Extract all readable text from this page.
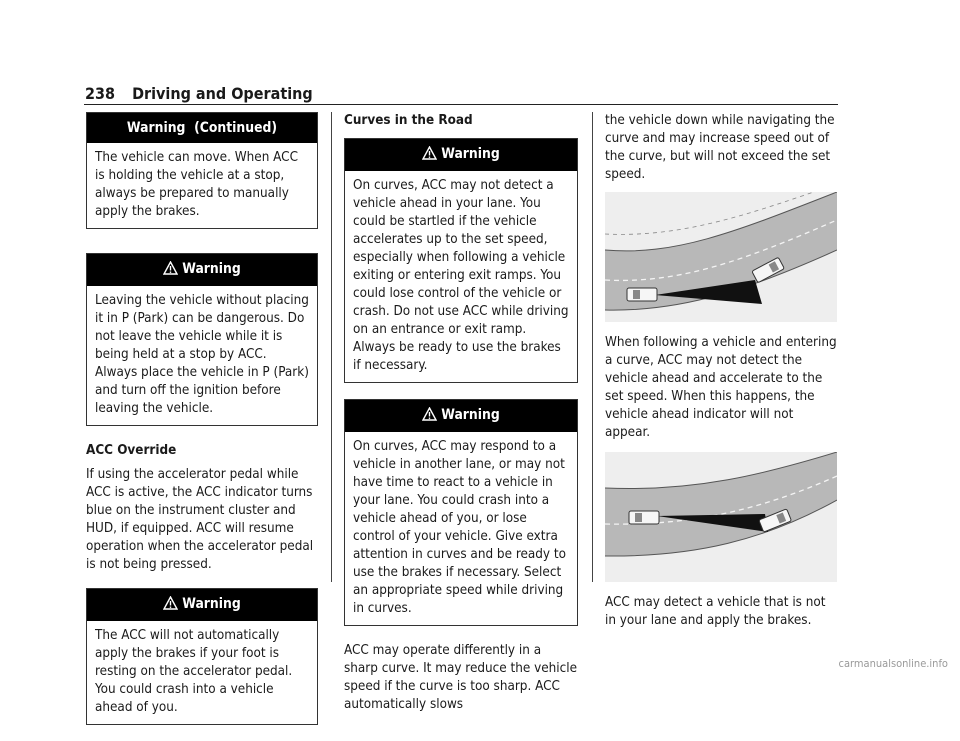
238 Driving and Operating
Warning  (Continued)
The vehicle can move. When ACC is holding the vehicle at a stop, always be prepared to manually apply the brakes.
Warning
Leaving the vehicle without placing it in P (Park) can be dangerous. Do not leave the vehicle while it is being held at a stop by ACC. Always place the vehicle in P (Park) and turn off the ignition before leaving the vehicle.
ACC Override

If using the accelerator pedal while ACC is active, the ACC indicator turns blue on the instrument cluster and HUD, if equipped. ACC will resume operation when the accelerator pedal is not being pressed.

Warning
The ACC will not automatically apply the brakes if your foot is resting on the accelerator pedal. You could crash into a vehicle ahead of you.
Curves in the Road
Warning
On curves, ACC may not detect a vehicle ahead in your lane. You could be startled if the vehicle accelerates up to the set speed, especially when following a vehicle exiting or entering exit ramps. You could lose control of the vehicle or crash. Do not use ACC while driving on an entrance or exit ramp. Always be ready to use the brakes if necessary.
Warning
On curves, ACC may respond to a vehicle in another lane, or may not have time to react to a vehicle in your lane. You could crash into a vehicle ahead of you, or lose control of your vehicle. Give extra attention in curves and be ready to use the brakes if necessary. Select an appropriate speed while driving in curves.

ACC may operate differently in a sharp curve. It may reduce the vehicle speed if the curve is too sharp. ACC automatically slows

the vehicle down while navigating the curve and may increase speed out of the curve, but will not exceed the set speed.

When following a vehicle and entering a curve, ACC may not detect the vehicle ahead and accelerate to the set speed. When this happens, the vehicle ahead indicator will not appear.

ACC may detect a vehicle that is not in your lane and apply the brakes.

carmanualsonline.info
